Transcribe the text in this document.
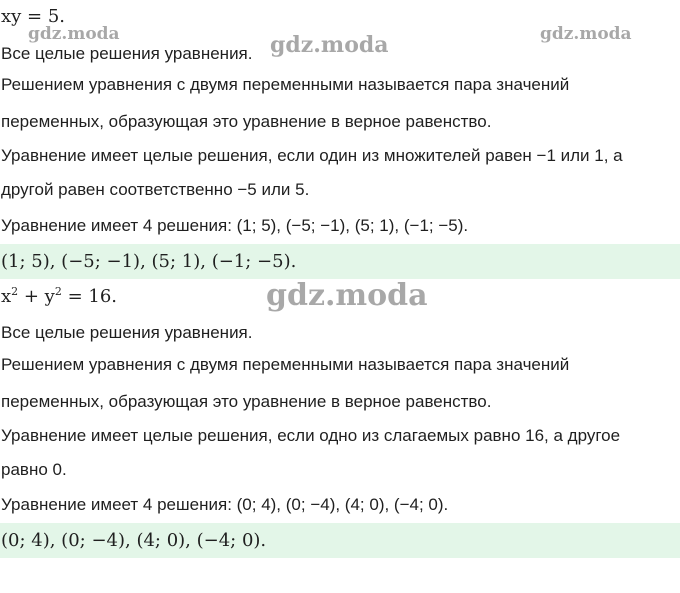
xy = 5.
Все целые решения уравнения.
Решением уравнения с двумя переменными называется пара значений
переменных, образующая это уравнение в верное равенство.
Уравнение имеет целые решения, если один из множителей равен −1 или 1, а
другой равен соответственно −5 или 5.
Уравнение имеет 4 решения: (1; 5), (−5; −1), (5; 1), (−1; −5).
(1; 5), (−5; −1), (5; 1), (−1; −5).
$x^2 + y^2 = 16$.
Все целые решения уравнения.
Решением уравнения с двумя переменными называется пара значений
переменных, образующая это уравнение в верное равенство.
Уравнение имеет целые решения, если одно из слагаемых равно 16, а другое
равно 0.
Уравнение имеет 4 решения: (0; 4), (0; −4), (4; 0), (−4; 0).
(0; 4), (0; −4), (4; 0), (−4; 0).
gdz.moda	gdz.moda	gdz.moda
gdz.moda
